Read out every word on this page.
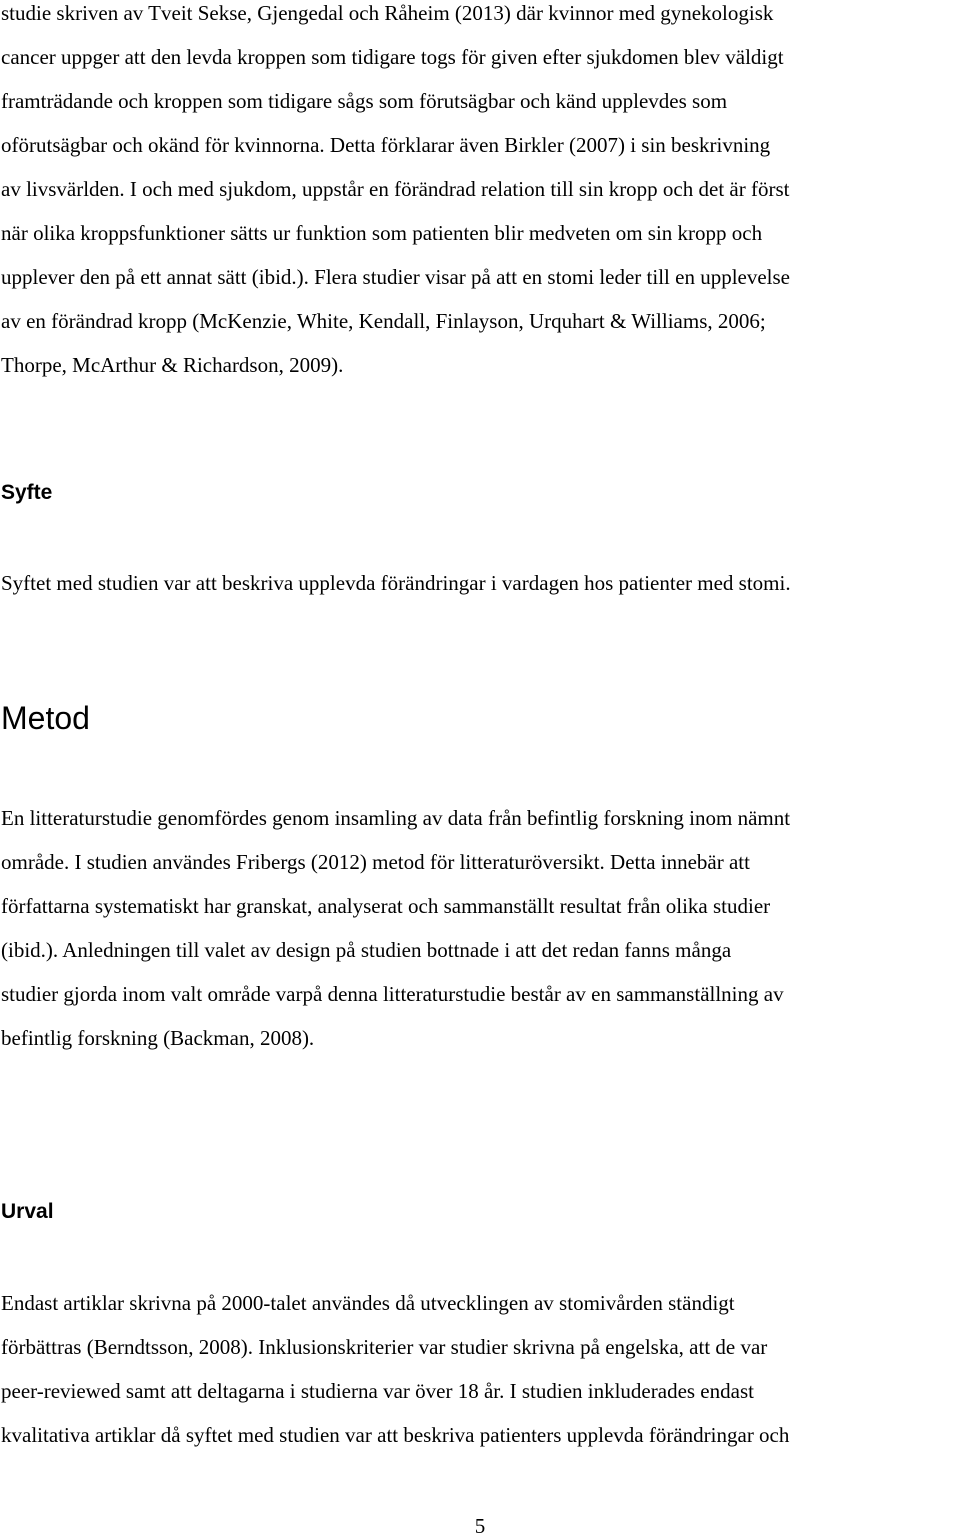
studie skriven av Tveit Sekse, Gjengedal och Råheim (2013) där kvinnor med gynekologisk
cancer uppger att den levda kroppen som tidigare togs för given efter sjukdomen blev väldigt
framträdande och kroppen som tidigare sågs som förutsägbar och känd upplevdes som
oförutsägbar och okänd för kvinnorna. Detta förklarar även Birkler (2007) i sin beskrivning
av livsvärlden. I och med sjukdom, uppstår en förändrad relation till sin kropp och det är först
när olika kroppsfunktioner sätts ur funktion som patienten blir medveten om sin kropp och
upplever den på ett annat sätt (ibid.). Flera studier visar på att en stomi leder till en upplevelse
av en förändrad kropp (McKenzie, White, Kendall, Finlayson, Urquhart & Williams, 2006;
Thorpe, McArthur & Richardson, 2009).
Syfte
Syftet med studien var att beskriva upplevda förändringar i vardagen hos patienter med stomi.
Metod
En litteraturstudie genomfördes genom insamling av data från befintlig forskning inom nämnt
område. I studien användes Fribergs (2012) metod för litteraturöversikt. Detta innebär att
författarna systematiskt har granskat, analyserat och sammanställt resultat från olika studier
(ibid.). Anledningen till valet av design på studien bottnade i att det redan fanns många
studier gjorda inom valt område varpå denna litteraturstudie består av en sammanställning av
befintlig forskning (Backman, 2008).
Urval
Endast artiklar skrivna på 2000-talet användes då utvecklingen av stomivården ständigt
förbättras (Berndtsson, 2008). Inklusionskriterier var studier skrivna på engelska, att de var
peer-reviewed samt att deltagarna i studierna var över 18 år. I studien inkluderades endast
kvalitativa artiklar då syftet med studien var att beskriva patienters upplevda förändringar och
5
